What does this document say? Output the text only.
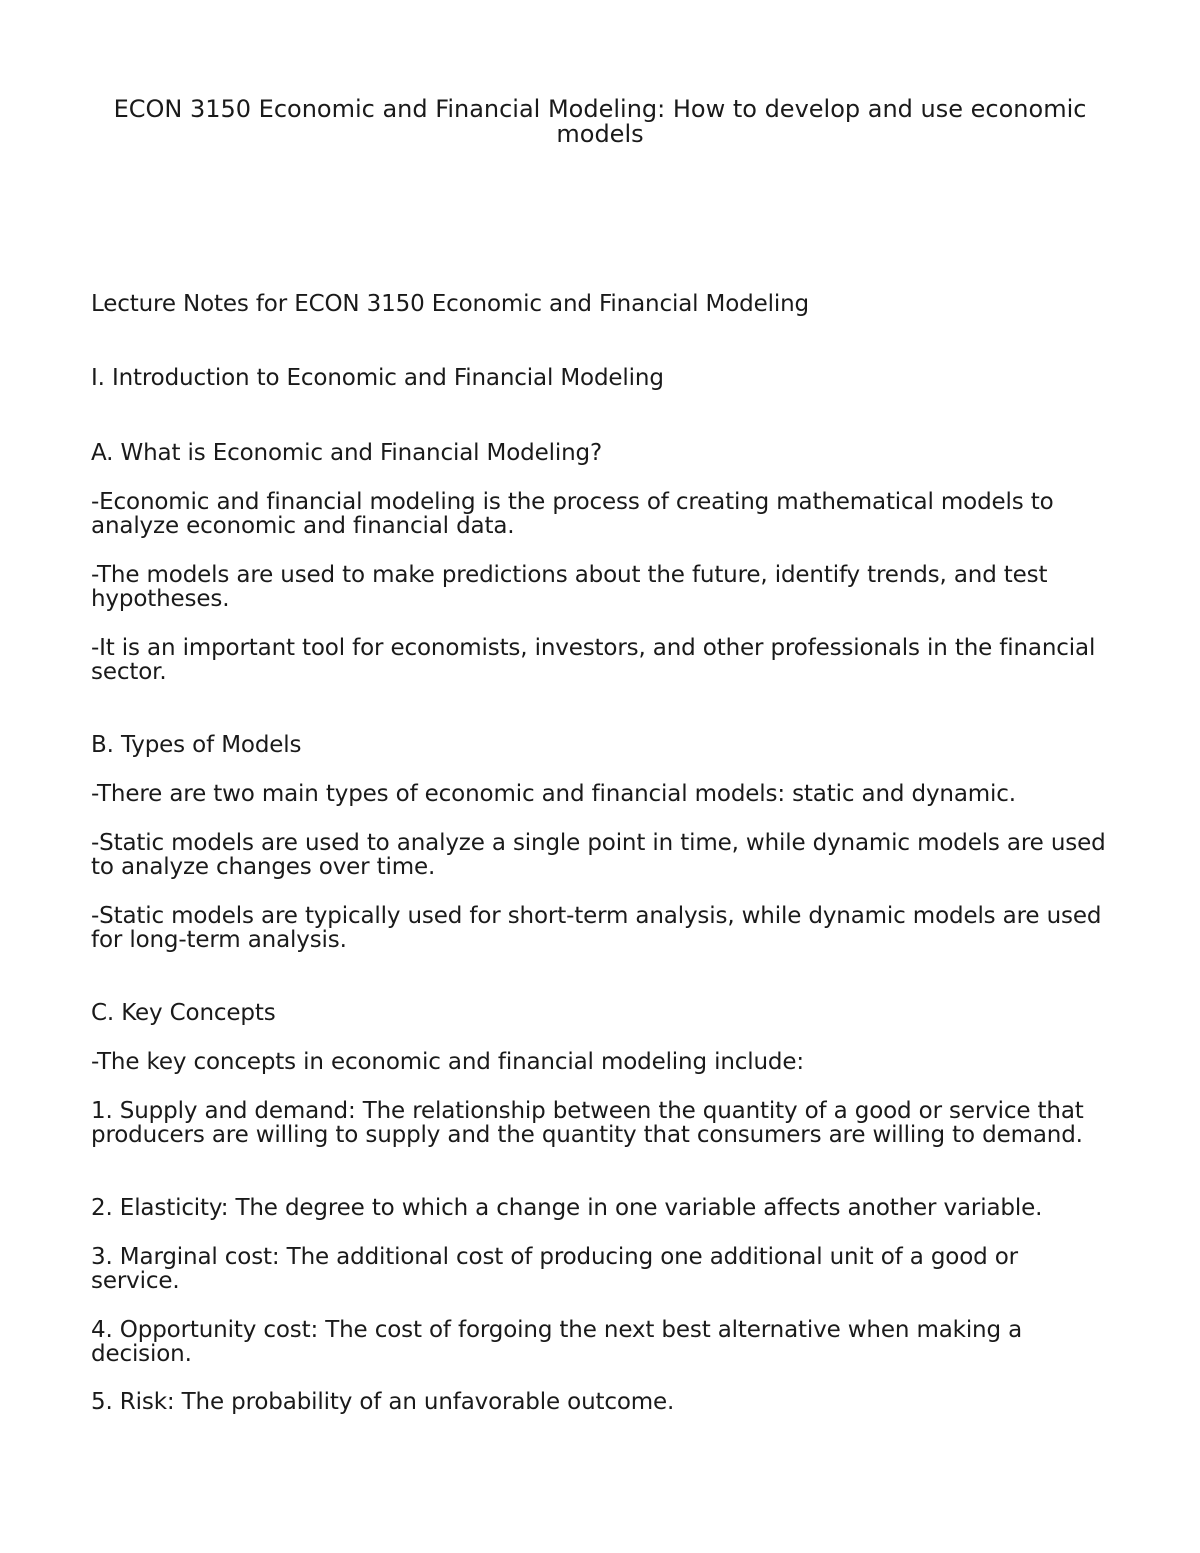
ECON 3150 Economic and Financial Modeling: How to develop and use economic models

Lecture Notes for ECON 3150 Economic and Financial Modeling

I. Introduction to Economic and Financial Modeling

A. What is Economic and Financial Modeling?

-Economic and financial modeling is the process of creating mathematical models to analyze economic and financial data.

-The models are used to make predictions about the future, identify trends, and test hypotheses.

-It is an important tool for economists, investors, and other professionals in the financial sector.

B. Types of Models

-There are two main types of economic and financial models: static and dynamic.

-Static models are used to analyze a single point in time, while dynamic models are used to analyze changes over time.

-Static models are typically used for short-term analysis, while dynamic models are used for long-term analysis.

C. Key Concepts

-The key concepts in economic and financial modeling include:

1. Supply and demand: The relationship between the quantity of a good or service that producers are willing to supply and the quantity that consumers are willing to demand.

2. Elasticity: The degree to which a change in one variable affects another variable.

3. Marginal cost: The additional cost of producing one additional unit of a good or service.

4. Opportunity cost: The cost of forgoing the next best alternative when making a decision.

5. Risk: The probability of an unfavorable outcome.
